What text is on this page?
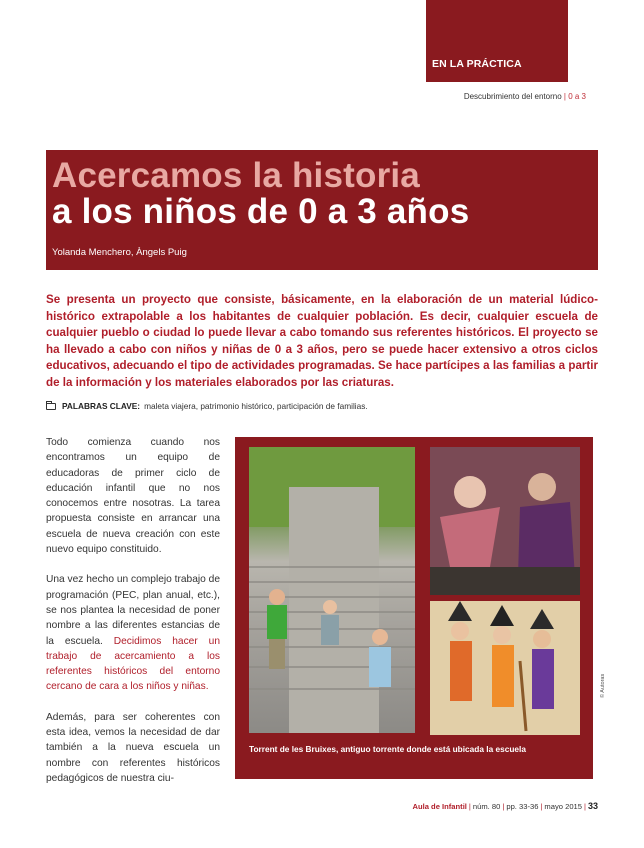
EN LA PRÁCTICA
Descubrimiento del entorno | 0 a 3
Acercamos la historia
a los niños de 0 a 3 años
Yolanda Menchero, Àngels Puig
Se presenta un proyecto que consiste, básicamente, en la elaboración de un material lúdico-histórico extrapolable a los habitantes de cualquier población. Es decir, cualquier escuela de cualquier pueblo o ciudad lo puede llevar a cabo tomando sus referentes históricos. El proyecto se ha llevado a cabo con niños y niñas de 0 a 3 años, pero se puede hacer extensivo a otros ciclos educativos, adecuando el tipo de actividades programadas. Se hace partícipes a las familias a partir de la información y los materiales elaborados por las criaturas.
PALABRAS CLAVE: maleta viajera, patrimonio histórico, participación de familias.

Todo comienza cuando nos encontramos un equipo de educadoras de primer ciclo de educación infantil que no nos conocemos entre nosotras. La tarea propuesta consiste en arrancar una escuela de nueva creación con este nuevo equipo constituido.

Una vez hecho un complejo trabajo de programación (PEC, plan anual, etc.), se nos plantea la necesidad de poner nombre a las diferentes estancias de la escuela. Decidimos hacer un trabajo de acercamiento a los referentes históricos del entorno cercano de cara a los niños y niñas.

Además, para ser coherentes con esta idea, vemos la necesidad de dar también a la nueva escuela un nombre con referentes históricos pedagógicos de nuestra ciu-

Torrent de les Bruixes, antiguo torrente donde está ubicada la escuela
© Autoras
Aula de Infantil | núm. 80 | pp. 33-36 | mayo 2015 | 33
